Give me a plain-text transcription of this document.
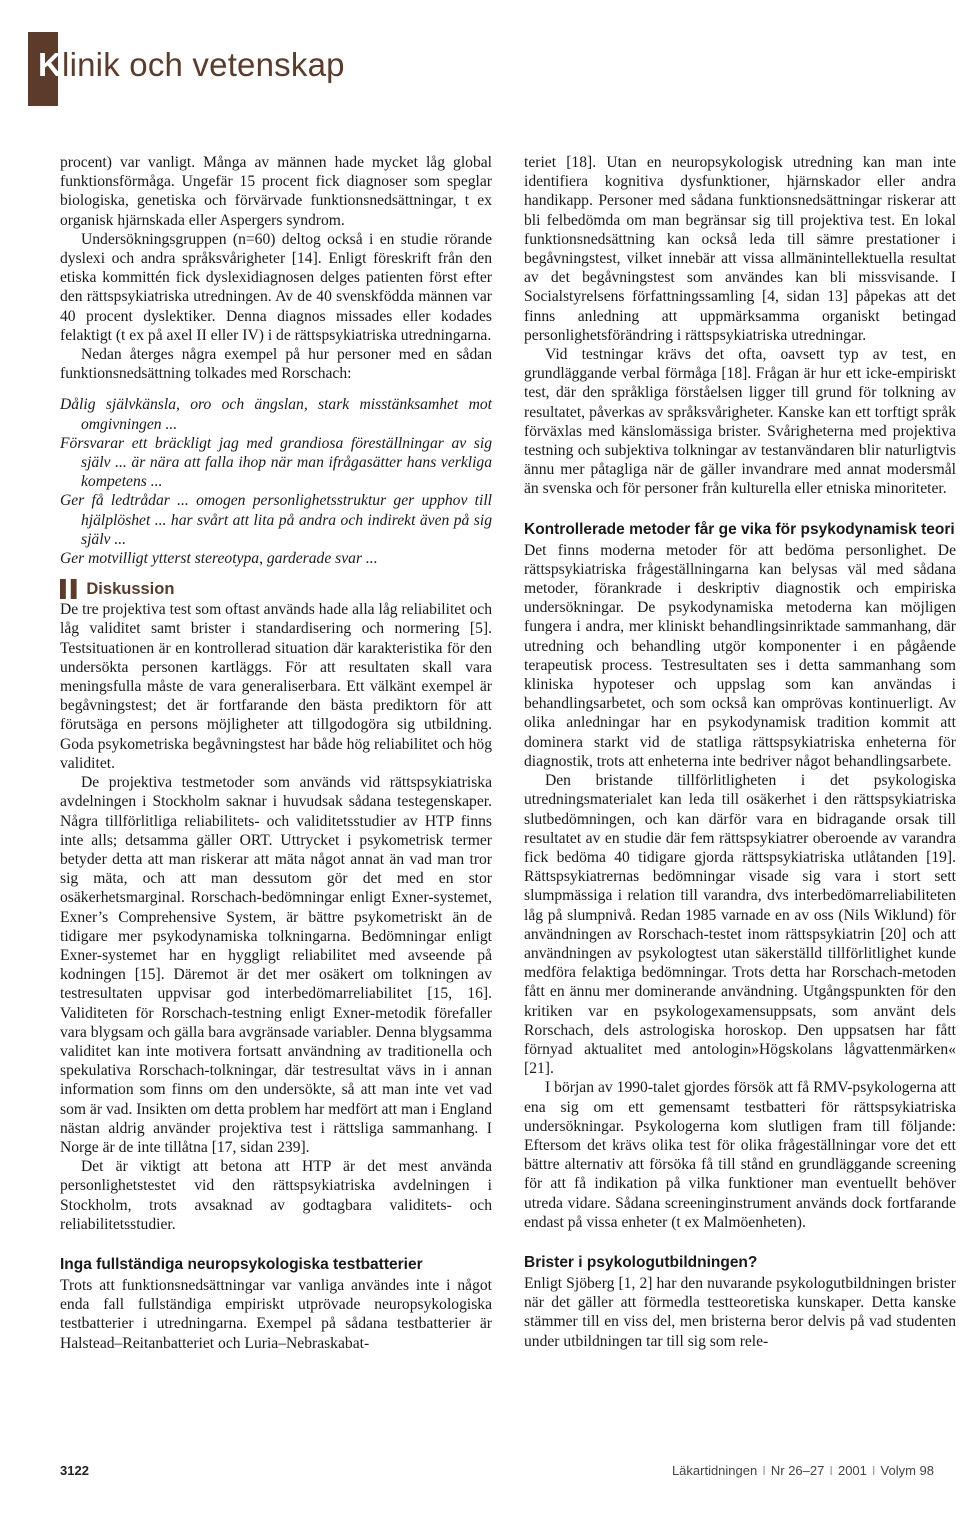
Klinik och vetenskap

procent) var vanligt. Många av männen hade mycket låg global funktionsförmåga. Ungefär 15 procent fick diagnoser som speglar biologiska, genetiska och förvärvade funktionsnedsättningar, t ex organisk hjärnskada eller Aspergers syndrom.

Undersökningsgruppen (n=60) deltog också i en studie rörande dyslexi och andra språksvårigheter [14]. Enligt föreskrift från den etiska kommittén fick dyslexidiagnosen delges patienten först efter den rättspsykiatriska utredningen. Av de 40 svenskfödda männen var 40 procent dyslektiker. Denna diagnos missades eller kodades felaktigt (t ex på axel II eller IV) i de rättspsykiatriska utredningarna.

Nedan återges några exempel på hur personer med en sådan funktionsnedsättning tolkades med Rorschach:

Dålig självkänsla, oro och ängslan, stark misstänksamhet mot omgivningen ...
Försvarar ett bräckligt jag med grandiosa föreställningar av sig själv ... är nära att falla ihop när man ifrågasätter hans verkliga kompetens ...
Ger få ledtrådar ... omogen personlighetsstruktur ger upphov till hjälplöshet ... har svårt att lita på andra och indirekt även på sig själv ...
Ger motvilligt ytterst stereotypa, garderade svar ...
▌▌ Diskussion

De tre projektiva test som oftast används hade alla låg reliabilitet och låg validitet samt brister i standardisering och normering [5]. Testsituationen är en kontrollerad situation där karakteristika för den undersökta personen kartläggs. För att resultaten skall vara meningsfulla måste de vara generaliserbara. Ett välkänt exempel är begåvningstest; det är fortfarande den bästa prediktorn för att förutsäga en persons möjligheter att tillgodogöra sig utbildning. Goda psykometriska begåvningstest har både hög reliabilitet och hög validitet.

De projektiva testmetoder som används vid rättspsykiatriska avdelningen i Stockholm saknar i huvudsak sådana testegenskaper. Några tillförlitliga reliabilitets- och validitetsstudier av HTP finns inte alls; detsamma gäller ORT. Uttrycket i psykometrisk termer betyder detta att man riskerar att mäta något annat än vad man tror sig mäta, och att man dessutom gör det med en stor osäkerhetsmarginal. Rorschach-bedömningar enligt Exner-systemet, Exner’s Comprehensive System, är bättre psykometriskt än de tidigare mer psykodynamiska tolkningarna. Bedömningar enligt Exner-systemet har en hyggligt reliabilitet med avseende på kodningen [15]. Däremot är det mer osäkert om tolkningen av testresultaten uppvisar god interbedömarreliabilitet [15, 16]. Validiteten för Rorschach-testning enligt Exner-metodik förefaller vara blygsam och gälla bara avgränsade variabler. Denna blygsamma validitet kan inte motivera fortsatt användning av traditionella och spekulativa Rorschach-tolkningar, där testresultat vävs in i annan information som finns om den undersökte, så att man inte vet vad som är vad. Insikten om detta problem har medfört att man i England nästan aldrig använder projektiva test i rättsliga sammanhang. I Norge är de inte tillåtna [17, sidan 239].

Det är viktigt att betona att HTP är det mest använda personlighetstestet vid den rättspsykiatriska avdelningen i Stockholm, trots avsaknad av godtagbara validitets- och reliabilitetsstudier.

Inga fullständiga neuropsykologiska testbatterier

Trots att funktionsnedsättningar var vanliga användes inte i något enda fall fullständiga empiriskt utprövade neuropsykologiska testbatterier i utredningarna. Exempel på sådana testbatterier är Halstead–Reitanbatteriet och Luria–Nebraskabat-

teriet [18]. Utan en neuropsykologisk utredning kan man inte identifiera kognitiva dysfunktioner, hjärnskador eller andra handikapp. Personer med sådana funktionsnedsättningar riskerar att bli felbedömda om man begränsar sig till projektiva test. En lokal funktionsnedsättning kan också leda till sämre prestationer i begåvningstest, vilket innebär att vissa allmänintellektuella resultat av det begåvningstest som användes kan bli missvisande. I Socialstyrelsens författningssamling [4, sidan 13] påpekas att det finns anledning att uppmärksamma organiskt betingad personlighetsförändring i rättspsykiatriska utredningar.

Vid testningar krävs det ofta, oavsett typ av test, en grundläggande verbal förmåga [18]. Frågan är hur ett icke-empiriskt test, där den språkliga förståelsen ligger till grund för tolkning av resultatet, påverkas av språksvårigheter. Kanske kan ett torftigt språk förväxlas med känslomässiga brister. Svårigheterna med projektiva testning och subjektiva tolkningar av testanvändaren blir naturligtvis ännu mer påtagliga när de gäller invandrare med annat modersmål än svenska och för personer från kulturella eller etniska minoriteter.

Kontrollerade metoder får ge vika för psykodynamisk teori

Det finns moderna metoder för att bedöma personlighet. De rättspsykiatriska frågeställningarna kan belysas väl med sådana metoder, förankrade i deskriptiv diagnostik och empiriska undersökningar. De psykodynamiska metoderna kan möjligen fungera i andra, mer kliniskt behandlingsinriktade sammanhang, där utredning och behandling utgör komponenter i en pågående terapeutisk process. Testresultaten ses i detta sammanhang som kliniska hypoteser och uppslag som kan användas i behandlingsarbetet, och som också kan omprövas kontinuerligt. Av olika anledningar har en psykodynamisk tradition kommit att dominera starkt vid de statliga rättspsykiatriska enheterna för diagnostik, trots att enheterna inte bedriver något behandlingsarbete.

Den bristande tillförlitligheten i det psykologiska utredningsmaterialet kan leda till osäkerhet i den rättspsykiatriska slutbedömningen, och kan därför vara en bidragande orsak till resultatet av en studie där fem rättspsykiatrer oberoende av varandra fick bedöma 40 tidigare gjorda rättspsykiatriska utlåtanden [19]. Rättspsykiatrernas bedömningar visade sig vara i stort sett slumpmässiga i relation till varandra, dvs interbedömarreliabiliteten låg på slumpnivå. Redan 1985 varnade en av oss (Nils Wiklund) för användningen av Rorschach-testet inom rättspsykiatrin [20] och att användningen av psykologtest utan säkerställd tillförlitlighet kunde medföra felaktiga bedömningar. Trots detta har Rorschach-metoden fått en ännu mer dominerande användning. Utgångspunkten för den kritiken var en psykologexamensuppsats, som använt dels Rorschach, dels astrologiska horoskop. Den uppsatsen har fått förnyad aktualitet med antologin»Högskolans lågvattenmärken« [21].

I början av 1990-talet gjordes försök att få RMV-psykologerna att ena sig om ett gemensamt testbatteri för rättspsykiatriska undersökningar. Psykologerna kom slutligen fram till följande: Eftersom det krävs olika test för olika frågeställningar vore det ett bättre alternativ att försöka få till stånd en grundläggande screening för att få indikation på vilka funktioner man eventuellt behöver utreda vidare. Sådana screeninginstrument används dock fortfarande endast på vissa enheter (t ex Malmöenheten).

Brister i psykologutbildningen?

Enligt Sjöberg [1, 2] har den nuvarande psykologutbildningen brister när det gäller att förmedla testteoretiska kunskaper. Detta kanske stämmer till en viss del, men bristerna beror delvis på vad studenten under utbildningen tar till sig som rele-

3122	Läkartidningen I Nr 26–27 I 2001 I Volym 98
